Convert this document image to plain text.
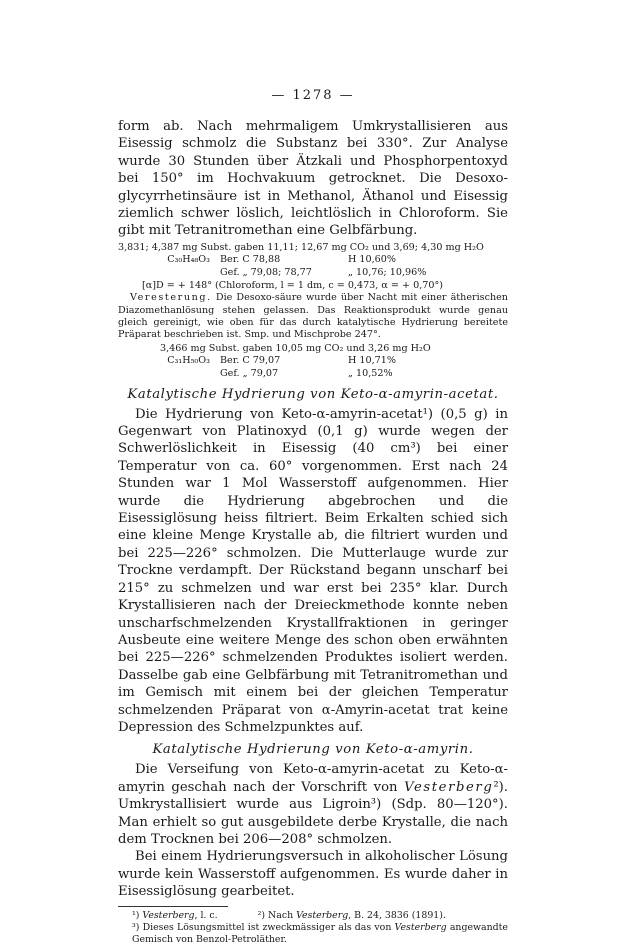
— 1278 —

form ab. Nach mehrmaligem Umkrystallisieren aus Eisessig schmolz die Substanz bei 330°. Zur Analyse wurde 30 Stunden über Ätzkali und Phosphorpentoxyd bei 150° im Hochvakuum getrocknet. Die Desoxo-glycyrrhetinsäure ist in Methanol, Äthanol und Eisessig ziemlich schwer löslich, leichtlöslich in Chloroform. Sie gibt mit Tetranitromethan eine Gelbfärbung.

3,831; 4,387 mg Subst. gaben 11,11; 12,67 mg CO₂ und 3,69; 4,30 mg H₂O
C₃₀H₄₈O₃	Ber. C 78,88	H 10,60%
Gef. „ 79,08; 78,77	„ 10,76; 10,96%
[α]D = + 148° (Chloroform, l = 1 dm, c = 0,473, α = + 0,70°)

Veresterung. Die Desoxo-säure wurde über Nacht mit einer ätherischen Diazomethanlösung stehen gelassen. Das Reaktionsprodukt wurde genau gleich gereinigt, wie oben für das durch katalytische Hydrierung bereitete Präparat beschrieben ist. Smp. und Mischprobe 247°.

3,466 mg Subst. gaben 10,05 mg CO₂ und 3,26 mg H₂O
C₃₁H₅₀O₃	Ber. C 79,07	H 10,71%
Gef. „ 79,07	„ 10,52%
Katalytische Hydrierung von Keto-α-amyrin-acetat.

Die Hydrierung von Keto-α-amyrin-acetat¹) (0,5 g) in Gegenwart von Platinoxyd (0,1 g) wurde wegen der Schwerlöslichkeit in Eisessig (40 cm³) bei einer Temperatur von ca. 60° vorgenommen. Erst nach 24 Stunden war 1 Mol Wasserstoff aufgenommen. Hier wurde die Hydrierung abgebrochen und die Eisessiglösung heiss filtriert. Beim Erkalten schied sich eine kleine Menge Krystalle ab, die filtriert wurden und bei 225—226° schmolzen. Die Mutterlauge wurde zur Trockne verdampft. Der Rückstand begann unscharf bei 215° zu schmelzen und war erst bei 235° klar. Durch Krystallisieren nach der Dreieckmethode konnte neben unscharfschmelzenden Krystallfraktionen in geringer Ausbeute eine weitere Menge des schon oben erwähnten bei 225—226° schmelzenden Produktes isoliert werden. Dasselbe gab eine Gelbfärbung mit Tetranitromethan und im Gemisch mit einem bei der gleichen Temperatur schmelzenden Präparat von α-Amyrin-acetat trat keine Depression des Schmelzpunktes auf.

Katalytische Hydrierung von Keto-α-amyrin.

Die Verseifung von Keto-α-amyrin-acetat zu Keto-α-amyrin geschah nach der Vorschrift von Vesterberg²). Umkrystallisiert wurde aus Ligroin³) (Sdp. 80—120°). Man erhielt so gut ausgebildete derbe Krystalle, die nach dem Trocknen bei 206—208° schmolzen.

Bei einem Hydrierungsversuch in alkoholischer Lösung wurde kein Wasserstoff aufgenommen. Es wurde daher in Eisessiglösung gearbeitet.

¹) Vesterberg, l. c.	²) Nach Vesterberg, B. 24, 3836 (1891).

³) Dieses Lösungsmittel ist zweckmässiger als das von Vesterberg angewandte Gemisch von Benzol-Petroläther.
